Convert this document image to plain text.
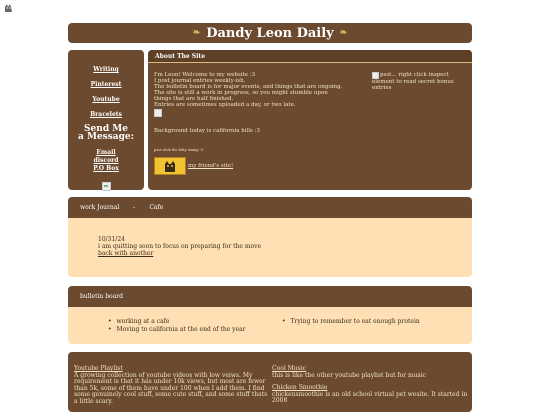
❧ Dandy Leon Daily ❧
Writing
Pinterest
Youtube
Bracelets
Send Me
a Message:
Email
discord
P.O Box
About The Site

I'm Leon! Welcome to my website :3

I post journal entries weekly-ish.

The bulletin board is for major events, and things that are ongoing.

The site is still a work in progress, so you might stumble upon

things that are half finished.

Entries are sometimes uploaded a day, or two late.

Background today is california hills :3

psst click the kitty stamp :3

my friend's site!
psst... right click inspect element to read secret bonus entries
work Journal - Cafe
10/31/24
i am quitting soon to focus on preparing for the move
back with another
bulletin board
• working at a cafe
• Moving to california at the end of the year
• Trying to remember to eat enough protein
Youtube Playlist
A growing collection of youtube videos with low veiws. My requirement is that it has under 10k views, but most are fewer than 5k, some of them have under 100 when I add them. I find some genuinely cool stuff, some cute stuff, and some stuff thats a little scary.
Cool Music
this is like the other youtube playlist but for music
Chicken Smoothie
chickensmoothie is an old school virtual pet wesite. It started in 2008
